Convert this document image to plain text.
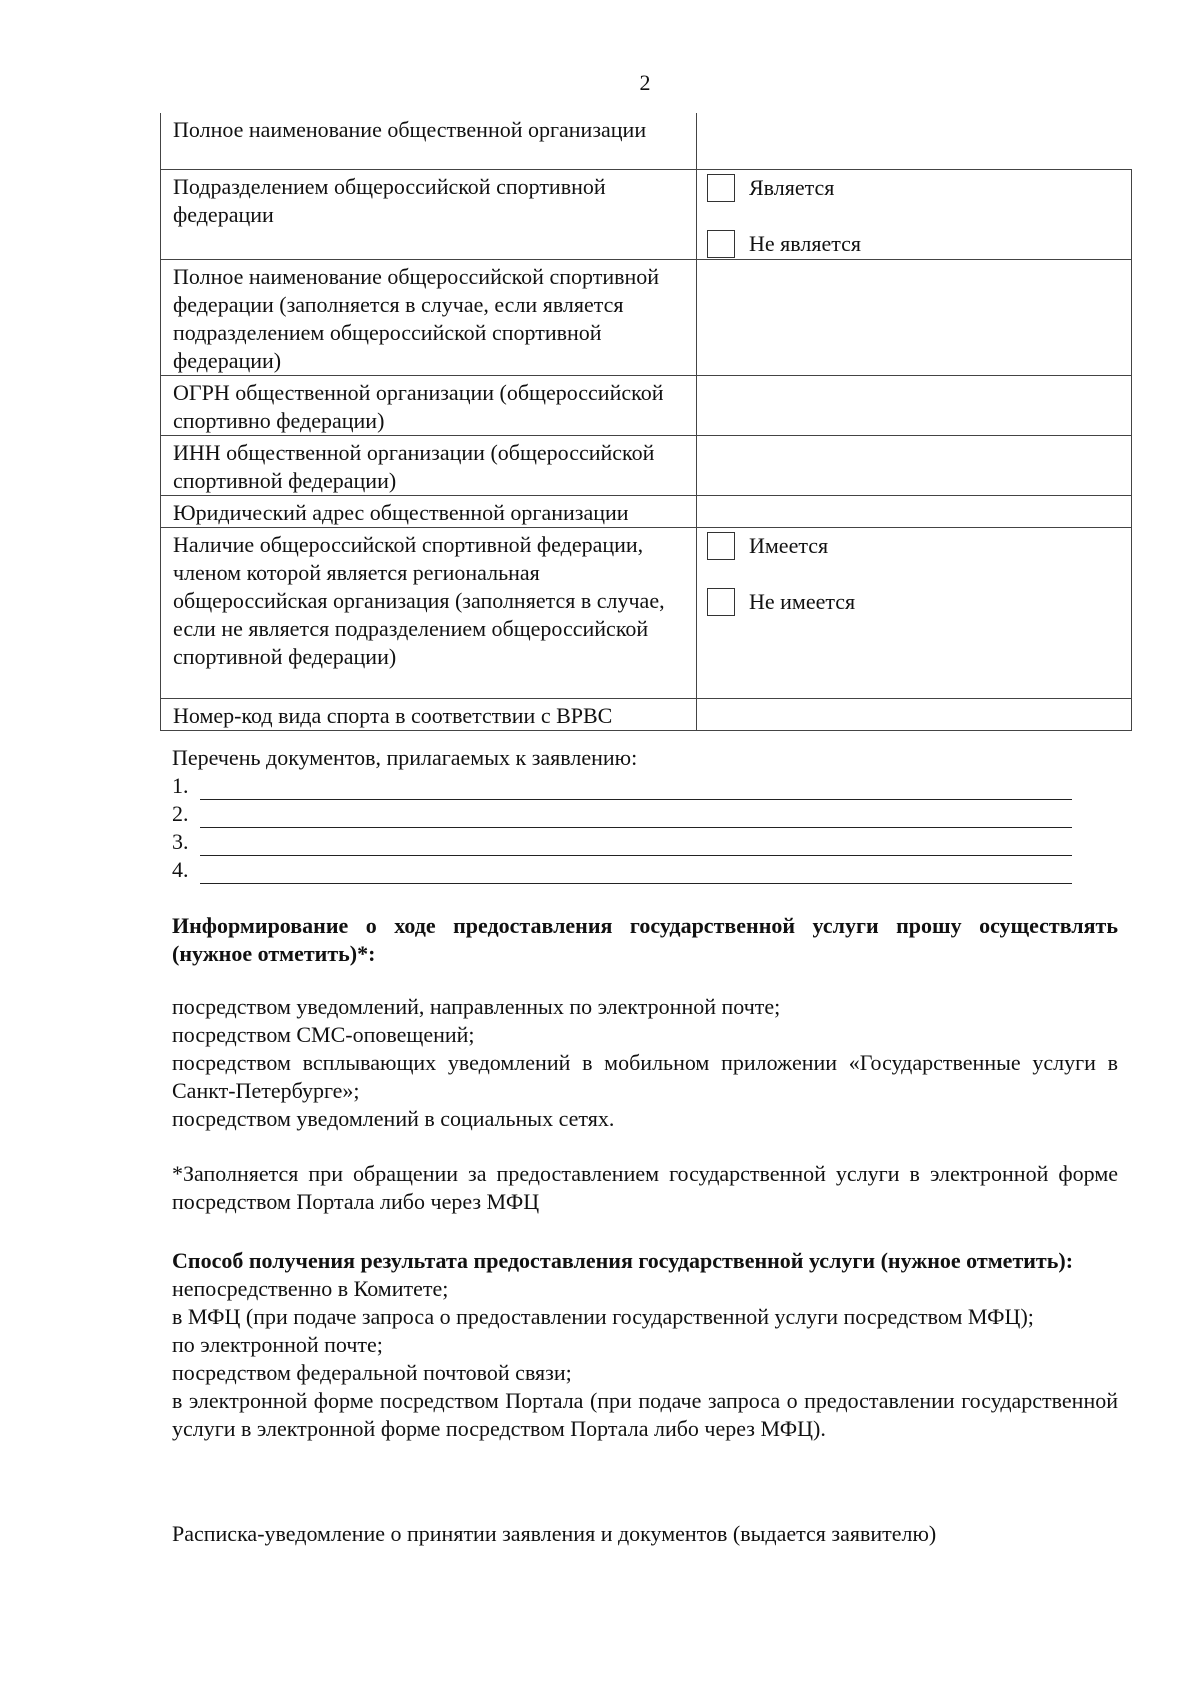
2
Полное наименование общественной организации	
Подразделением общероссийской спортивной федерации	Является
Не является

Полное наименование общероссийской спортивной федерации (заполняется в случае, если является подразделением общероссийской спортивной федерации)	
ОГРН общественной организации (общероссийской спортивно федерации)	
ИНН общественной организации (общероссийской спортивной федерации)	
Юридический адрес общественной организации	
Наличие общероссийской спортивной федерации, членом которой является региональная общероссийская организация (заполняется в случае, если не является подразделением общероссийской спортивной федерации)	Имеется
Не имеется

Номер-код вида спорта в соответствии с ВРВС	

Перечень документов, прилагаемых к заявлению:

1.
2.
3.
4.

Информирование о ходе предоставления государственной услуги прошу осуществлять (нужное отметить)*:

посредством уведомлений, направленных по электронной почте;

посредством СМС-оповещений;

посредством всплывающих уведомлений в мобильном приложении «Государственные услуги в Санкт-Петербурге»;

посредством уведомлений в социальных сетях.

*Заполняется при обращении за предоставлением государственной услуги в электронной форме посредством Портала либо через МФЦ

Способ получения результата предоставления государственной услуги (нужное отметить):

непосредственно в Комитете;

в МФЦ (при подаче запроса о предоставлении государственной услуги посредством МФЦ);

по электронной почте;

посредством федеральной почтовой связи;

в электронной форме посредством Портала (при подаче запроса о предоставлении государственной услуги в электронной форме посредством Портала либо через МФЦ).

Расписка-уведомление о принятии заявления и документов (выдается заявителю)
